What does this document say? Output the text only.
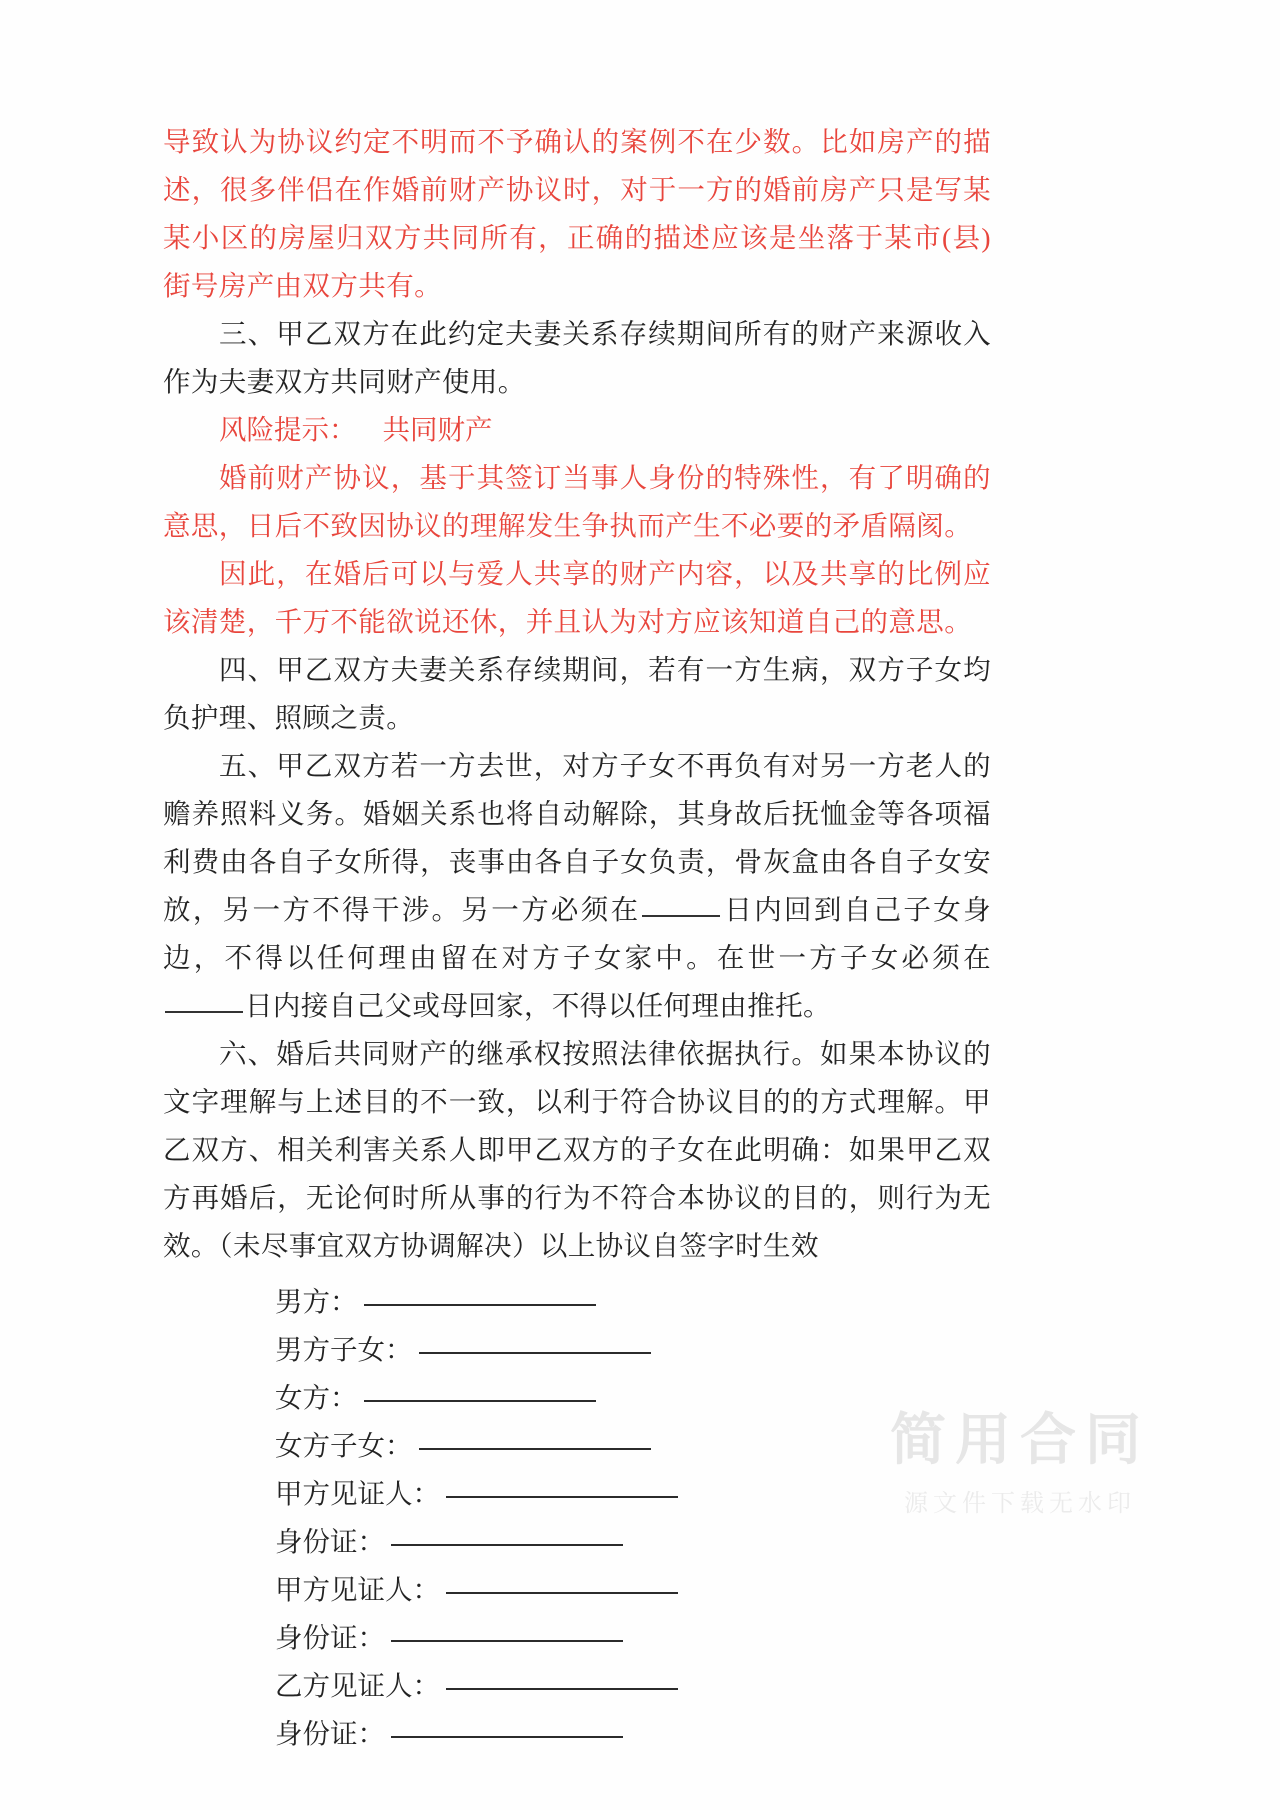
导致认为协议约定不明而不予确认的案例不在少数。比如房产的描述，很多伴侣在作婚前财产协议时，对于一方的婚前房产只是写某某小区的房屋归双方共同所有，正确的描述应该是坐落于某市(县)街号房产由双方共有。

三、甲乙双方在此约定夫妻关系存续期间所有的财产来源收入作为夫妻双方共同财产使用。

风险提示： 共同财产

婚前财产协议，基于其签订当事人身份的特殊性，有了明确的意思，日后不致因协议的理解发生争执而产生不必要的矛盾隔阂。

因此，在婚后可以与爱人共享的财产内容，以及共享的比例应该清楚，千万不能欲说还休，并且认为对方应该知道自己的意思。

四、甲乙双方夫妻关系存续期间，若有一方生病，双方子女均负护理、照顾之责。

五、甲乙双方若一方去世，对方子女不再负有对另一方老人的赡养照料义务。婚姻关系也将自动解除，其身故后抚恤金等各项福利费由各自子女所得，丧事由各自子女负责，骨灰盒由各自子女安放，另一方不得干涉。另一方必须在	日内回到自己子女身边，不得以任何理由留在对方子女家中。在世一方子女必须在日内接自己父或母回家，不得以任何理由推托。

六、婚后共同财产的继承权按照法律依据执行。如果本协议的文字理解与上述目的不一致，以利于符合协议目的的方式理解。甲乙双方、相关利害关系人即甲乙双方的子女在此明确：如果甲乙双方再婚后，无论何时所从事的行为不符合本协议的目的，则行为无效。（未尽事宜双方协调解决）以上协议自签字时生效

男方：
男方子女：
女方：
女方子女：
甲方见证人：
身份证：
甲方见证人：
身份证：
乙方见证人：
身份证：
简用合同
源文件下载无水印
